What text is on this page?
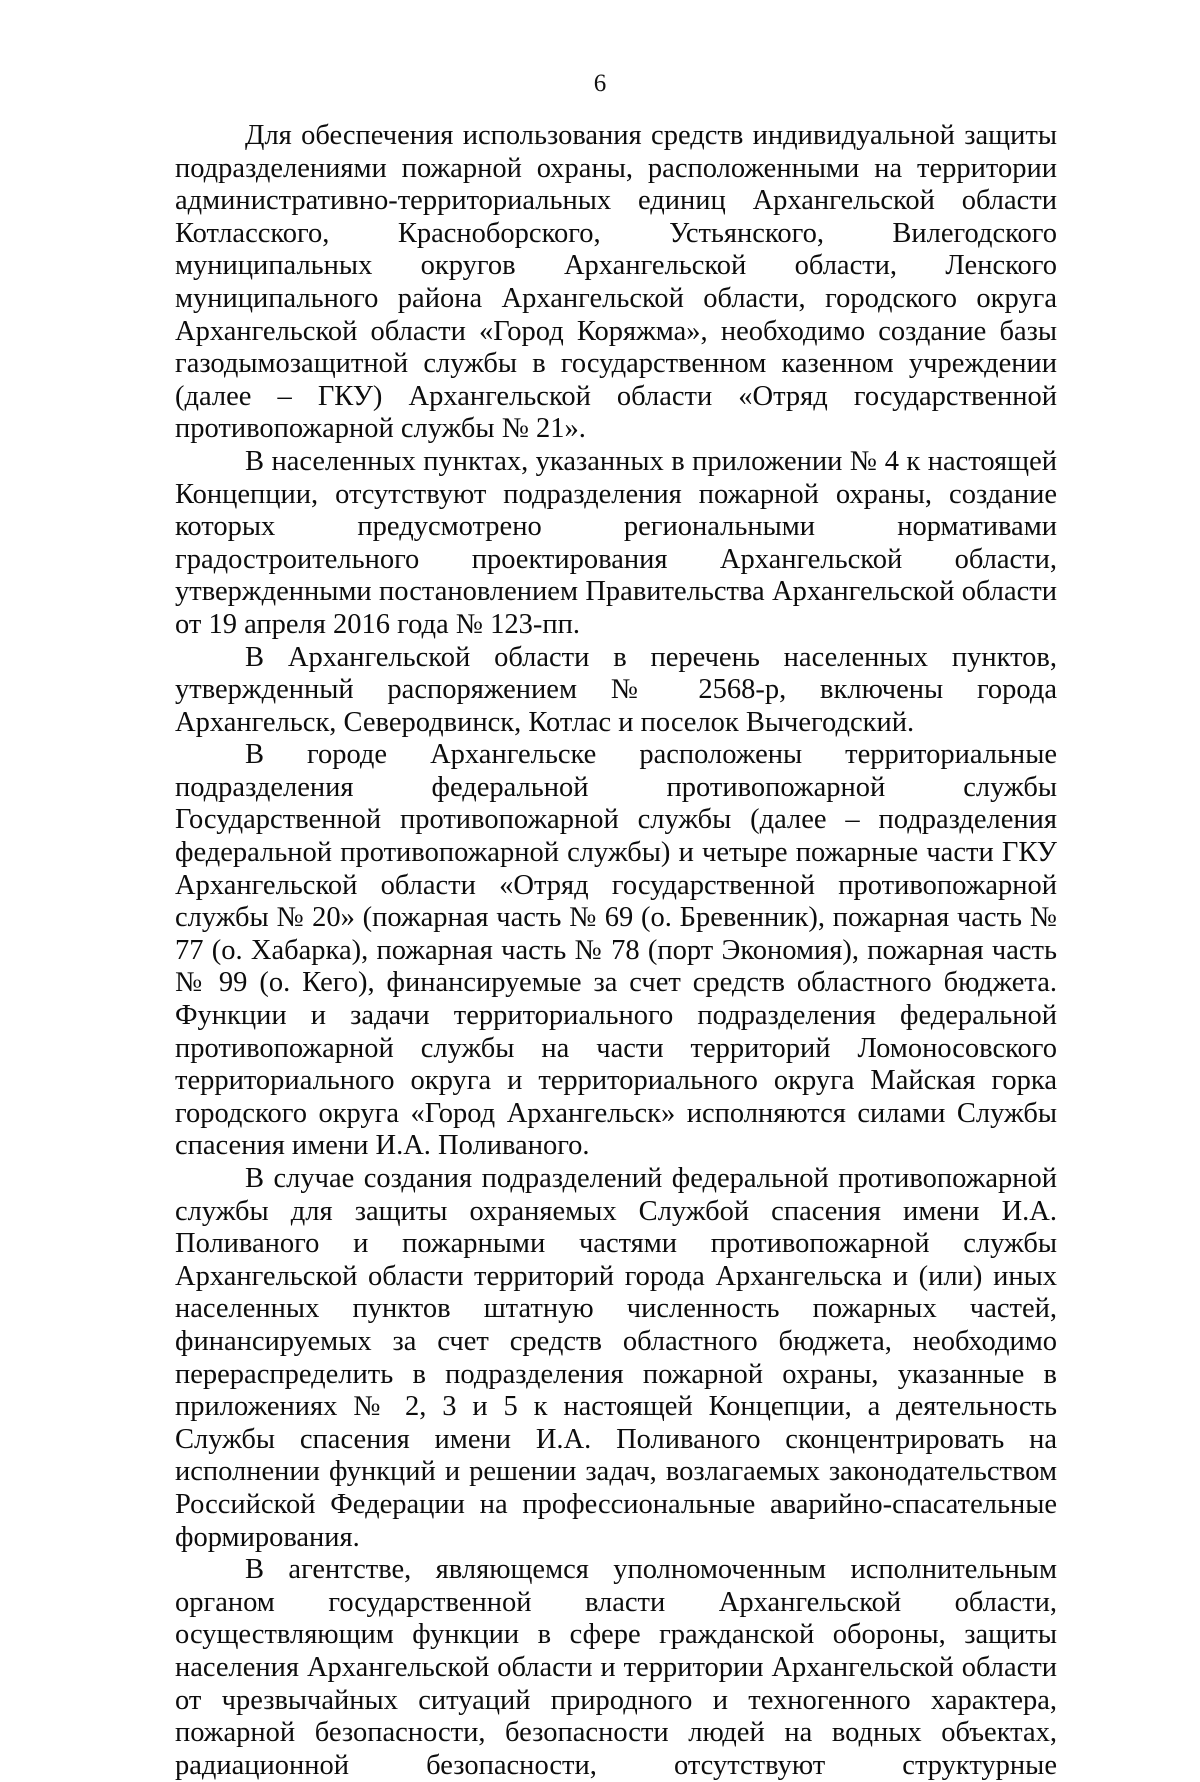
6

Для обеспечения использования средств индивидуальной защиты подразделениями пожарной охраны, расположенными на территории административно-территориальных единиц Архангельской области Котласского, Красноборского, Устьянского, Вилегодского муниципальных округов Архангельской области, Ленского муниципального района Архангельской области, городского округа Архангельской области «Город Коряжма», необходимо создание базы газодымозащитной службы в государственном казенном учреждении (далее – ГКУ) Архангельской области «Отряд государственной противопожарной службы № 21».

В населенных пунктах, указанных в приложении № 4 к настоящей Концепции, отсутствуют подразделения пожарной охраны, создание которых предусмотрено региональными нормативами градостроительного проектирования Архангельской области, утвержденными постановлением Правительства Архангельской области от 19 апреля 2016 года № 123-пп.

В Архангельской области в перечень населенных пунктов, утвержденный распоряжением № 2568-р, включены города Архангельск, Северодвинск, Котлас и поселок Вычегодский.

В городе Архангельске расположены территориальные подразделения федеральной противопожарной службы Государственной противопожарной службы (далее – подразделения федеральной противопожарной службы) и четыре пожарные части ГКУ Архангельской области «Отряд государственной противопожарной службы № 20» (пожарная часть № 69 (о. Бревенник), пожарная часть № 77 (о. Хабарка), пожарная часть № 78 (порт Экономия), пожарная часть № 99 (о. Кего), финансируемые за счет средств областного бюджета. Функции и задачи территориального подразделения федеральной противопожарной службы на части территорий Ломоносовского территориального округа и территориального округа Майская горка городского округа «Город Архангельск» исполняются силами Службы спасения имени И.А. Поливаного.

В случае создания подразделений федеральной противопожарной службы для защиты охраняемых Службой спасения имени И.А. Поливаного и пожарными частями противопожарной службы Архангельской области территорий города Архангельска и (или) иных населенных пунктов штатную численность пожарных частей, финансируемых за счет средств областного бюджета, необходимо перераспределить в подразделения пожарной охраны, указанные в приложениях № 2, 3 и 5 к настоящей Концепции, а деятельность Службы спасения имени И.А. Поливаного сконцентрировать на исполнении функций и решении задач, возлагаемых законодательством Российской Федерации на профессиональные аварийно-спасательные формирования.

В агентстве, являющемся уполномоченным исполнительным органом государственной власти Архангельской области, осуществляющим функции в сфере гражданской обороны, защиты населения Архангельской области и территории Архангельской области от чрезвычайных ситуаций природного и техногенного характера, пожарной безопасности, безопасности людей на водных объектах, радиационной безопасности, отсутствуют структурные
